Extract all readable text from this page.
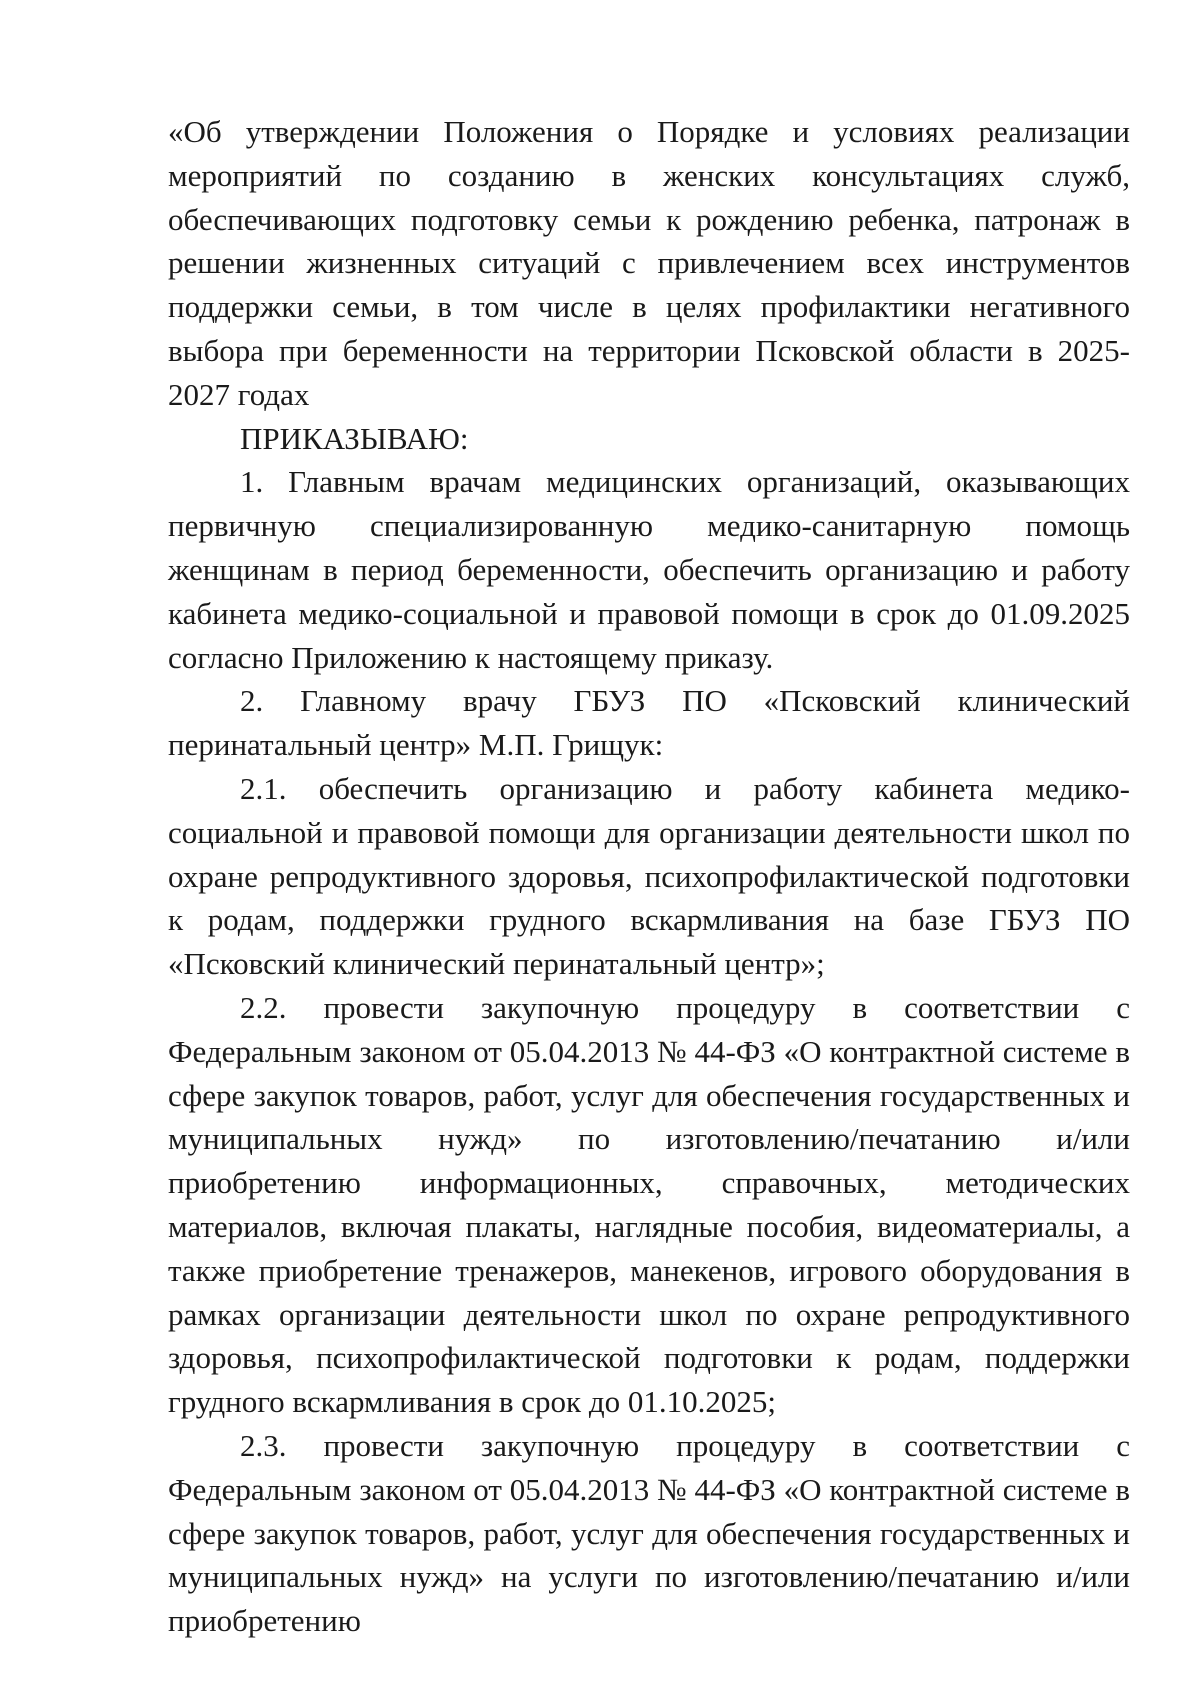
«Об утверждении Положения о Порядке и условиях реализации мероприятий по созданию в женских консультациях служб, обеспечивающих подготовку семьи к рождению ребенка, патронаж в решении жизненных ситуаций с привлечением всех инструментов поддержки семьи, в том числе в целях профилактики негативного выбора при беременности на территории Псковской области в 2025-2027 годах

ПРИКАЗЫВАЮ:

1. Главным врачам медицинских организаций, оказывающих первичную специализированную медико-санитарную помощь женщинам в период беременности, обеспечить организацию и работу кабинета медико-социальной и правовой помощи в срок до 01.09.2025 согласно Приложению к настоящему приказу.

2. Главному врачу ГБУЗ ПО «Псковский клинический перинатальный центр» М.П. Грищук:

2.1. обеспечить организацию и работу кабинета медико-социальной и правовой помощи для организации деятельности школ по охране репродуктивного здоровья, психопрофилактической подготовки к родам, поддержки грудного вскармливания на базе ГБУЗ ПО «Псковский клинический перинатальный центр»;

2.2. провести закупочную процедуру в соответствии с Федеральным законом от 05.04.2013 № 44-ФЗ «О контрактной системе в сфере закупок товаров, работ, услуг для обеспечения государственных и муниципальных нужд» по изготовлению/печатанию и/или приобретению информационных, справочных, методических материалов, включая плакаты, наглядные пособия, видеоматериалы, а также приобретение тренажеров, манекенов, игрового оборудования в рамках организации деятельности школ по охране репродуктивного здоровья, психопрофилактической подготовки к родам, поддержки грудного вскармливания в срок до 01.10.2025;

2.3. провести закупочную процедуру в соответствии с Федеральным законом от 05.04.2013 № 44-ФЗ «О контрактной системе в сфере закупок товаров, работ, услуг для обеспечения государственных и муниципальных нужд» на услуги по изготовлению/печатанию и/или приобретению
